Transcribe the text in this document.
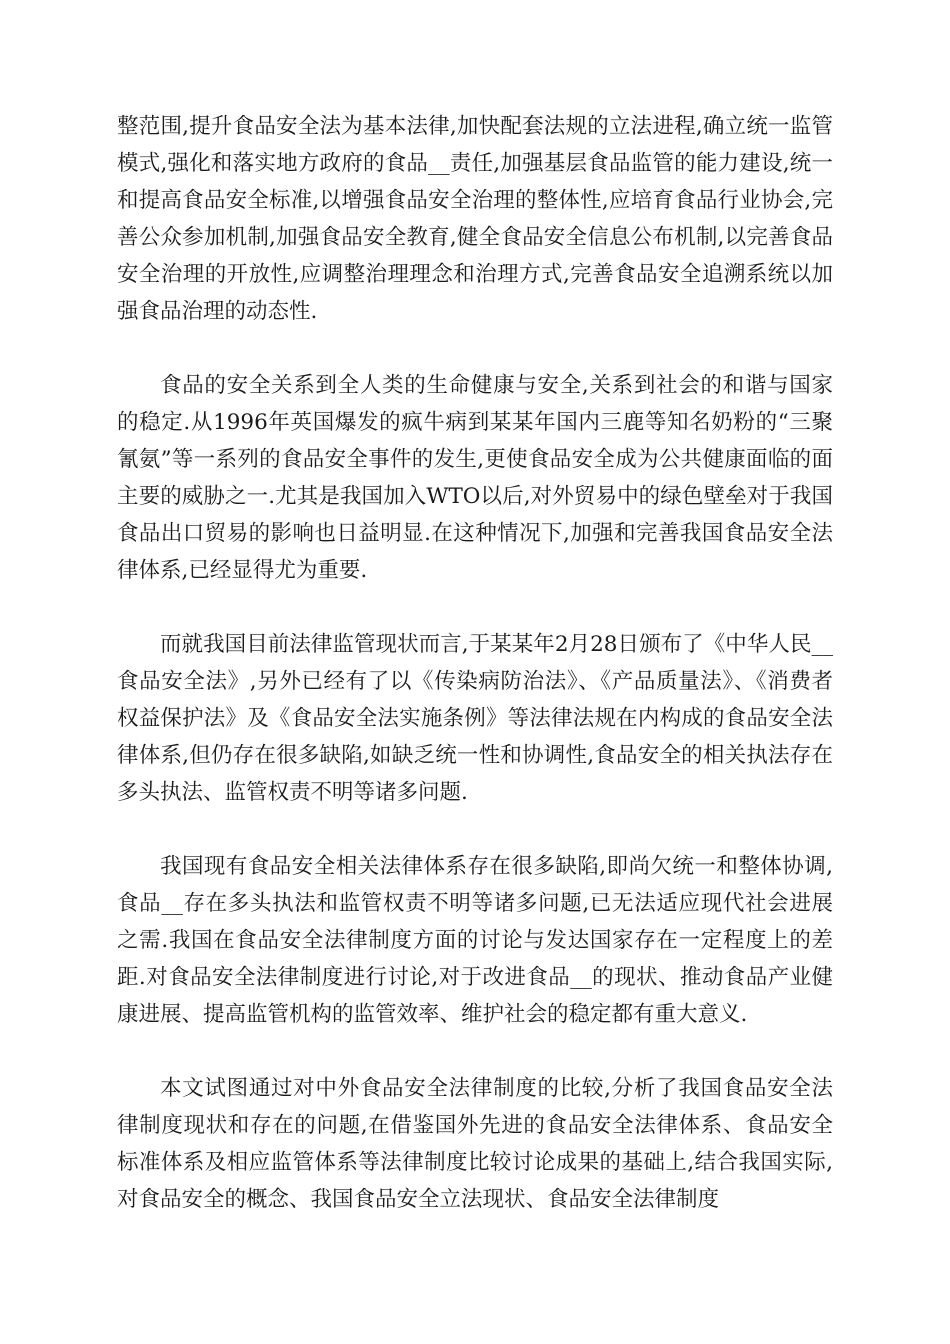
整范围,提升食品安全法为基本法律,加快配套法规的立法进程,确立统一监管模式,强化和落实地方政府的食品__责任,加强基层食品监管的能力建设,统一和提高食品安全标准,以增强食品安全治理的整体性,应培育食品行业协会,完善公众参加机制,加强食品安全教育,健全食品安全信息公布机制,以完善食品安全治理的开放性,应调整治理理念和治理方式,完善食品安全追溯系统以加强食品治理的动态性.

食品的安全关系到全人类的生命健康与安全,关系到社会的和谐与国家的稳定.从1996年英国爆发的疯牛病到某某年国内三鹿等知名奶粉的“三聚氰氨”等一系列的食品安全事件的发生,更使食品安全成为公共健康面临的面主要的威胁之一.尤其是我国加入WTO以后,对外贸易中的绿色壁垒对于我国食品出口贸易的影响也日益明显.在这种情况下,加强和完善我国食品安全法律体系,已经显得尤为重要.

而就我国目前法律监管现状而言,于某某年2月28日颁布了《中华人民__食品安全法》,另外已经有了以《传染病防治法》、《产品质量法》、《消费者权益保护法》及《食品安全法实施条例》等法律法规在内构成的食品安全法律体系,但仍存在很多缺陷,如缺乏统一性和协调性,食品安全的相关执法存在多头执法、监管权责不明等诸多问题.

我国现有食品安全相关法律体系存在很多缺陷,即尚欠统一和整体协调,食品__存在多头执法和监管权责不明等诸多问题,已无法适应现代社会进展之需.我国在食品安全法律制度方面的讨论与发达国家存在一定程度上的差距.对食品安全法律制度进行讨论,对于改进食品__的现状、推动食品产业健康进展、提高监管机构的监管效率、维护社会的稳定都有重大意义.

本文试图通过对中外食品安全法律制度的比较,分析了我国食品安全法律制度现状和存在的问题,在借鉴国外先进的食品安全法律体系、食品安全标准体系及相应监管体系等法律制度比较讨论成果的基础上,结合我国实际,对食品安全的概念、我国食品安全立法现状、食品安全法律制度
